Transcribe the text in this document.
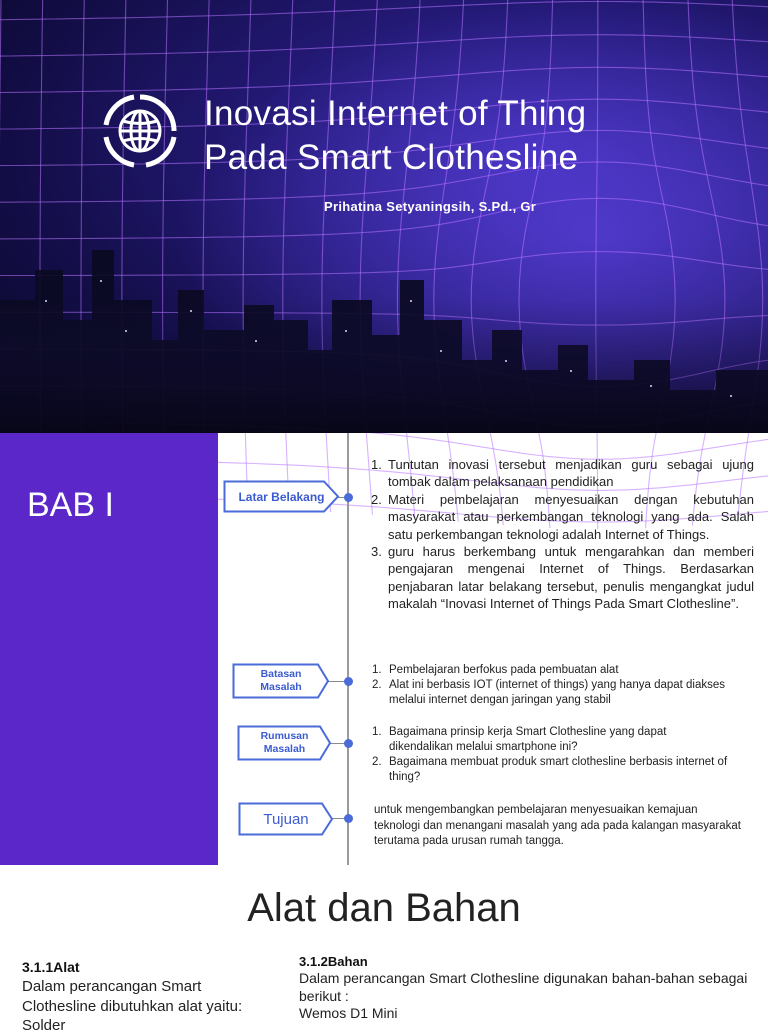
Inovasi Internet of Thing
Pada Smart Clothesline
Prihatina Setyaningsih, S.Pd., Gr
BAB I	Latar Belakang
1. Tuntutan inovasi tersebut menjadikan guru sebagai ujung tombak dalam pelaksanaan pendidikan
2. Materi pembelajaran menyesuaikan dengan kebutuhan masyarakat atau perkembangan teknologi yang ada. Salah satu perkembangan teknologi adalah Internet of Things.
3. guru harus berkembang untuk mengarahkan dan memberi pengajaran mengenai Internet of Things. Berdasarkan penjabaran latar belakang tersebut, penulis mengangkat judul makalah “Inovasi Internet of Things Pada Smart Clothesline”.
Batasan
Masalah
1. Pembelajaran berfokus pada pembuatan alat
2. Alat ini berbasis IOT (internet of things) yang hanya dapat diakses melalui internet dengan jaringan yang stabil
Rumusan
Masalah
1. Bagaimana prinsip kerja Smart Clothesline yang dapat dikendalikan melalui smartphone ini?
2. Bagaimana membuat produk smart clothesline berbasis internet of thing?
Tujuan
untuk mengembangkan pembelajaran menyesuaikan kemajuan teknologi dan menangani masalah yang ada pada kalangan masyarakat terutama pada urusan rumah tangga.
Alat dan Bahan
3.1.1Alat
Dalam perancangan Smart Clothesline dibutuhkan alat yaitu:
Solder
3.1.2Bahan
Dalam perancangan Smart Clothesline digunakan bahan-bahan sebagai berikut :
Wemos D1 Mini
